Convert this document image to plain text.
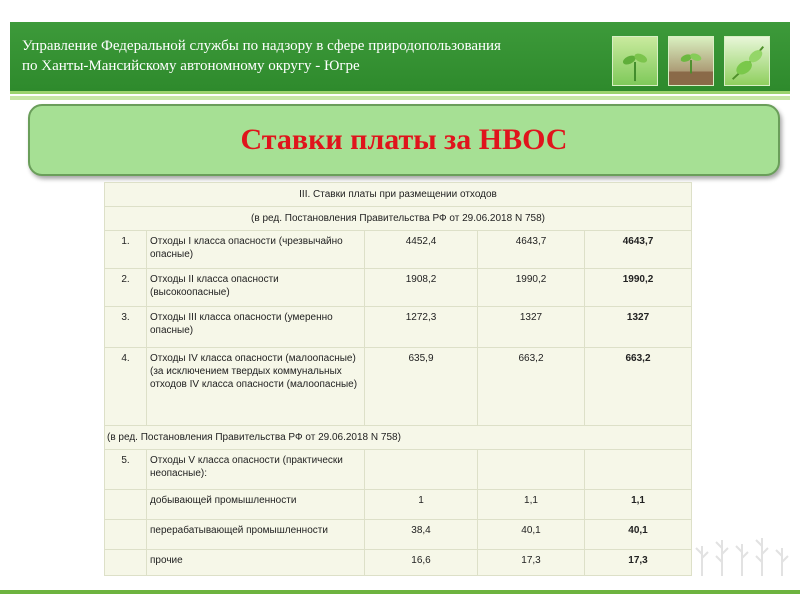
Управление Федеральной службы по надзору в сфере природопользования
по Ханты-Мансийскому автономному округу - Югре
Ставки платы за НВОС
III. Ставки платы при размещении отходов				
(в ред. Постановления Правительства РФ от 29.06.2018 N 758)				
1.	Отходы I класса опасности (чрезвычайно опасные)	4452,4	4643,7	4643,7
2.	Отходы II класса опасности (высокоопасные)	1908,2	1990,2	1990,2
3.	Отходы III класса опасности (умеренно опасные)	1272,3	1327	1327
4.	Отходы IV класса опасности (малоопасные) (за исключением твердых коммунальных отходов IV класса опасности (малоопасные)	635,9	663,2	663,2
(в ред. Постановления Правительства РФ от 29.06.2018 N 758)				
5.	Отходы V класса опасности (практически неопасные):			
	добывающей промышленности	1	1,1	1,1
	перерабатывающей промышленности	38,4	40,1	40,1
	прочие	16,6	17,3	17,3
